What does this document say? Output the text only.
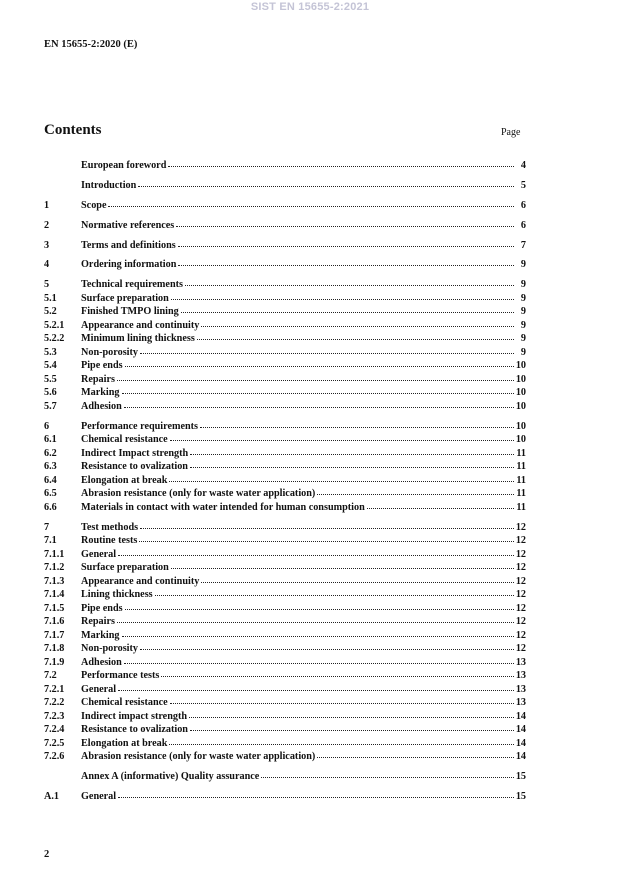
SIST EN 15655-2:2021
EN 15655-2:2020 (E)
Contents	Page
European foreword	4
Introduction	5
1	Scope	6
2	Normative references	6
3	Terms and definitions	7
4	Ordering information	9
5	Technical requirements	9
5.1	Surface preparation	9
5.2	Finished TMPO lining	9
5.2.1	Appearance and continuity	9
5.2.2	Minimum lining thickness	9
5.3	Non-porosity	9
5.4	Pipe ends	10
5.5	Repairs	10
5.6	Marking	10
5.7	Adhesion	10
6	Performance requirements	10
6.1	Chemical resistance	10
6.2	Indirect Impact strength	11
6.3	Resistance to ovalization	11
6.4	Elongation at break	11
6.5	Abrasion resistance (only for waste water application)	11
6.6	Materials in contact with water intended for human consumption	11
7	Test methods	12
7.1	Routine tests	12
7.1.1	General	12
7.1.2	Surface preparation	12
7.1.3	Appearance and continuity	12
7.1.4	Lining thickness	12
7.1.5	Pipe ends	12
7.1.6	Repairs	12
7.1.7	Marking	12
7.1.8	Non-porosity	12
7.1.9	Adhesion	13
7.2	Performance tests	13
7.2.1	General	13
7.2.2	Chemical resistance	13
7.2.3	Indirect impact strength	14
7.2.4	Resistance to ovalization	14
7.2.5	Elongation at break	14
7.2.6	Abrasion resistance (only for waste water application)	14
Annex A (informative) Quality assurance	15
A.1	General	15
2
